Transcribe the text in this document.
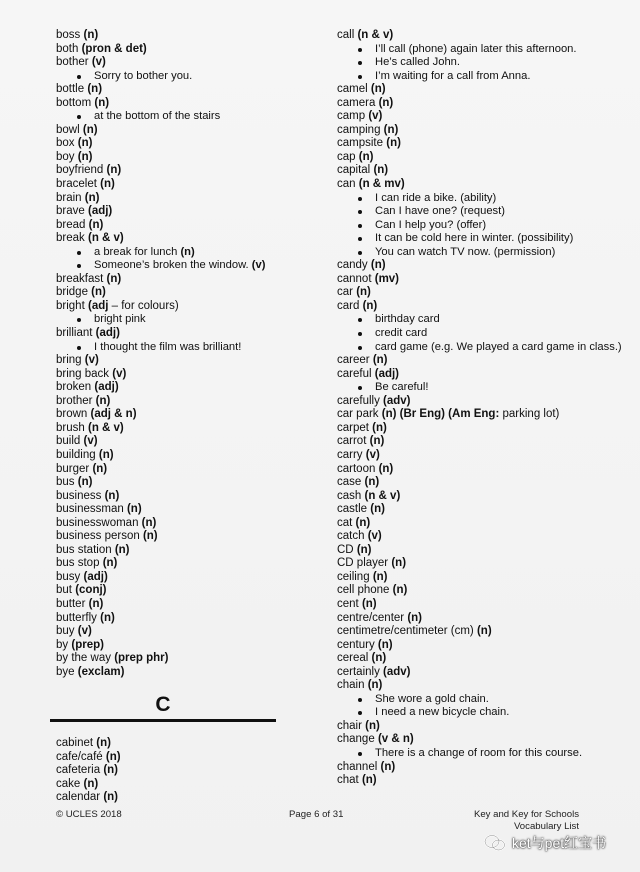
boss (n)
both (pron & det)
bother (v)
Sorry to bother you.
bottle (n)
bottom (n)
at the bottom of the stairs
bowl (n)
box (n)
boy (n)
boyfriend (n)
bracelet (n)
brain (n)
brave (adj)
bread (n)
break (n & v)
a break for lunch (n)
Someone’s broken the window. (v)
breakfast (n)
bridge (n)
bright (adj – for colours)
bright pink
brilliant (adj)
I thought the film was brilliant!
bring (v)
bring back (v)
broken (adj)
brother (n)
brown (adj & n)
brush (n & v)
build (v)
building (n)
burger (n)
bus (n)
business (n)
businessman (n)
businesswoman (n)
business person (n)
bus station (n)
bus stop (n)
busy (adj)
but (conj)
butter (n)
butterfly (n)
buy (v)
by (prep)
by the way (prep phr)
bye (exclam)
C
cabinet (n)
cafe/café (n)
cafeteria (n)
cake (n)
calendar (n)
call (n & v)
I’ll call (phone) again later this afternoon.
He’s called John.
I’m waiting for a call from Anna.
camel (n)
camera (n)
camp (v)
camping (n)
campsite (n)
cap (n)
capital (n)
can (n & mv)
I can ride a bike. (ability)
Can I have one? (request)
Can I help you? (offer)
It can be cold here in winter. (possibility)
You can watch TV now. (permission)
candy (n)
cannot (mv)
car (n)
card (n)
birthday card
credit card
card game (e.g. We played a card game in class.)
career (n)
careful (adj)
Be careful!
carefully (adv)
car park (n) (Br Eng) (Am Eng: parking lot)
carpet (n)
carrot (n)
carry (v)
cartoon (n)
case (n)
cash (n & v)
castle (n)
cat (n)
catch (v)
CD (n)
CD player (n)
ceiling (n)
cell phone (n)
cent (n)
centre/center (n)
centimetre/centimeter (cm) (n)
century (n)
cereal (n)
certainly (adv)
chain (n)
She wore a gold chain.
I need a new bicycle chain.
chair (n)
change (v & n)
There is a change of room for this course.
channel (n)
chat (n)
© UCLES 2018	Page 6 of 31	Key and Key for Schools
Vocabulary List
ket与pet红宝书
